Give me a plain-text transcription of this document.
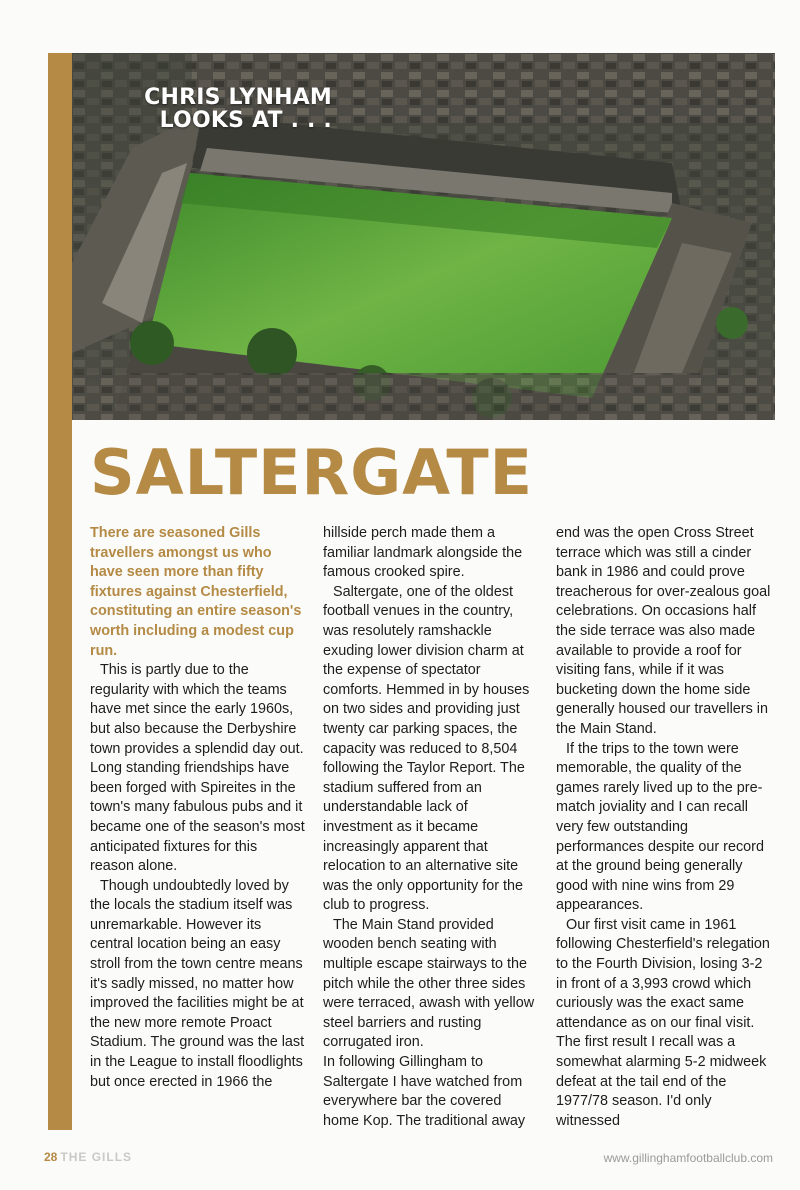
CHRIS LYNHAM
LOOKS AT . . .
SALTERGATE

There are seasoned Gills travellers amongst us who have seen more than fifty fixtures against Chesterfield, constituting an entire season's worth including a modest cup run.

This is partly due to the regularity with which the teams have met since the early 1960s, but also because the Derbyshire town provides a splendid day out. Long standing friendships have been forged with Spireites in the town's many fabulous pubs and it became one of the season's most anticipated fixtures for this reason alone.

Though undoubtedly loved by the locals the stadium itself was unremarkable. However its central location being an easy stroll from the town centre means it's sadly missed, no matter how improved the facilities might be at the new more remote Proact Stadium. The ground was the last in the League to install floodlights but once erected in 1966 the

hillside perch made them a familiar landmark alongside the famous crooked spire.

Saltergate, one of the oldest football venues in the country, was resolutely ramshackle exuding lower division charm at the expense of spectator comforts. Hemmed in by houses on two sides and providing just twenty car parking spaces, the capacity was reduced to 8,504 following the Taylor Report. The stadium suffered from an understandable lack of investment as it became increasingly apparent that relocation to an alternative site was the only opportunity for the club to progress.

The Main Stand provided wooden bench seating with multiple escape stairways to the pitch while the other three sides were terraced, awash with yellow steel barriers and rusting corrugated iron.

In following Gillingham to Saltergate I have watched from everywhere bar the covered home Kop. The traditional away

end was the open Cross Street terrace which was still a cinder bank in 1986 and could prove treacherous for over-zealous goal celebrations. On occasions half the side terrace was also made available to provide a roof for visiting fans, while if it was bucketing down the home side generally housed our travellers in the Main Stand.

If the trips to the town were memorable, the quality of the games rarely lived up to the pre-match joviality and I can recall very few outstanding performances despite our record at the ground being generally good with nine wins from 29 appearances.

Our first visit came in 1961 following Chesterfield's relegation to the Fourth Division, losing 3-2 in front of a 3,993 crowd which curiously was the exact same attendance as on our final visit. The first result I recall was a somewhat alarming 5-2 midweek defeat at the tail end of the 1977/78 season. I'd only witnessed

28 THE GILLS	www.gillinghamfootballclub.com
